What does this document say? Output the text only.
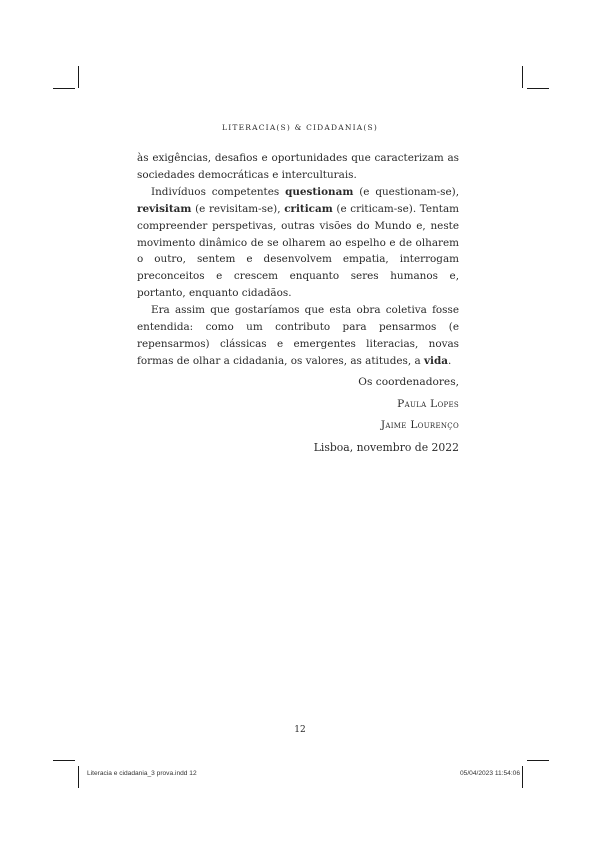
LITERACIA(S) & CIDADANIA(S)

às exigências, desafios e oportunidades que caracterizam as sociedades democráticas e interculturais.

Indivíduos competentes questionam (e questionam-se), revisitam (e revisitam-se), criticam (e criticam-se). Tentam compreender perspetivas, outras visões do Mundo e, neste movimento dinâmico de se olharem ao espelho e de olharem o outro, sentem e desenvolvem empatia, interrogam preconceitos e crescem enquanto seres humanos e, portanto, enquanto cidadãos.

Era assim que gostaríamos que esta obra coletiva fosse entendida: como um contributo para pensarmos (e repensarmos) clássicas e emergentes literacias, novas formas de olhar a cidadania, os valores, as atitudes, a vida.

Os coordenadores,
Paula Lopes
Jaime Lourenço
Lisboa, novembro de 2022
12
Literacia e cidadania_3 prova.indd 12	05/04/2023 11:54:06
